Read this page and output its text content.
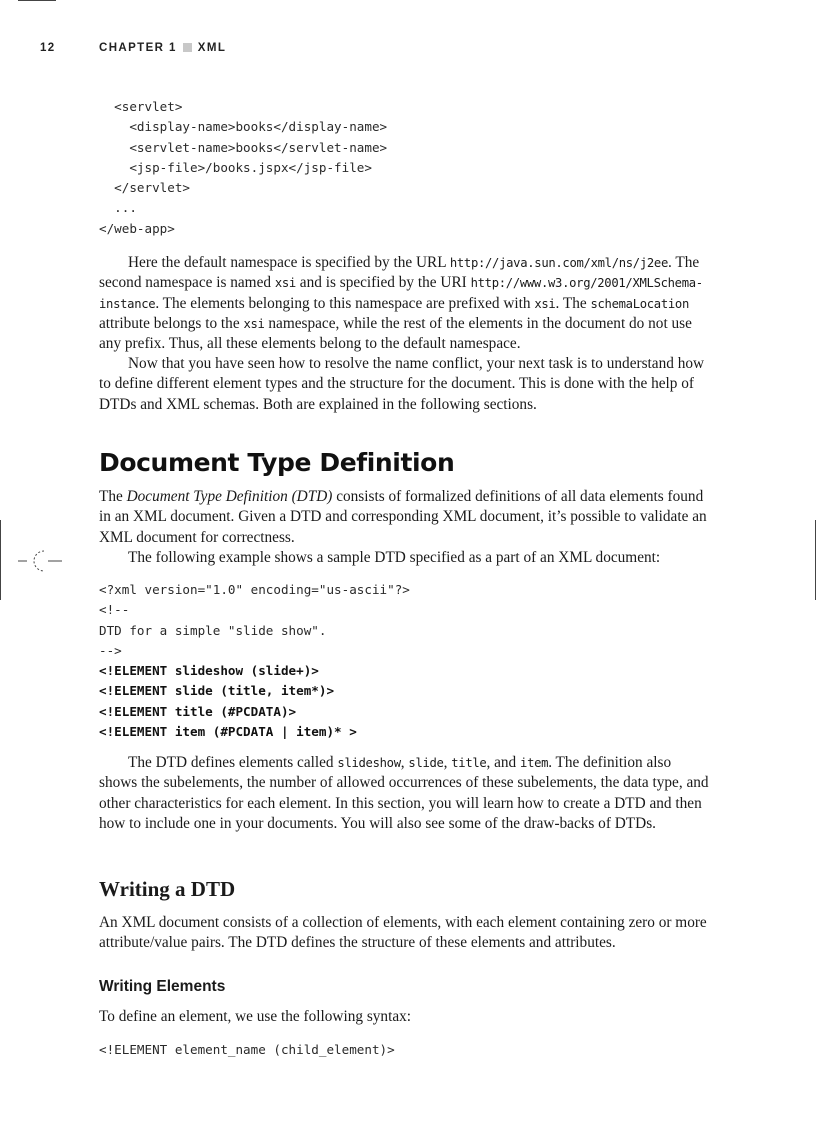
12	CHAPTER 1 XML
<servlet>
<display-name>books</display-name>
<servlet-name>books</servlet-name>
<jsp-file>/books.jspx</jsp-file>
</servlet>
...
</web-app>

Here the default namespace is specified by the URL http://java.sun.com/xml/ns/j2ee. The second namespace is named xsi and is specified by the URI http://www.w3.org/2001/XMLSchema-instance. The elements belonging to this namespace are prefixed with xsi. The schemaLocation attribute belongs to the xsi namespace, while the rest of the elements in the document do not use any prefix. Thus, all these elements belong to the default namespace.

Now that you have seen how to resolve the name conflict, your next task is to understand how to define different element types and the structure for the document. This is done with the help of DTDs and XML schemas. Both are explained in the following sections.

Document Type Definition

The Document Type Definition (DTD) consists of formalized definitions of all data elements found in an XML document. Given a DTD and corresponding XML document, it’s possible to validate an XML document for correctness.

The following example shows a sample DTD specified as a part of an XML document:

<?xml version="1.0" encoding="us-ascii"?>
<!--
DTD for a simple "slide show".
-->
<!ELEMENT slideshow (slide+)>
<!ELEMENT slide (title, item*)>
<!ELEMENT title (#PCDATA)>
<!ELEMENT item (#PCDATA | item)* >

The DTD defines elements called slideshow, slide, title, and item. The definition also shows the subelements, the number of allowed occurrences of these subelements, the data type, and other characteristics for each element. In this section, you will learn how to create a DTD and then how to include one in your documents. You will also see some of the draw-backs of DTDs.

Writing a DTD

An XML document consists of a collection of elements, with each element containing zero or more attribute/value pairs. The DTD defines the structure of these elements and attributes.

Writing Elements

To define an element, we use the following syntax:

<!ELEMENT element_name (child_element)>
